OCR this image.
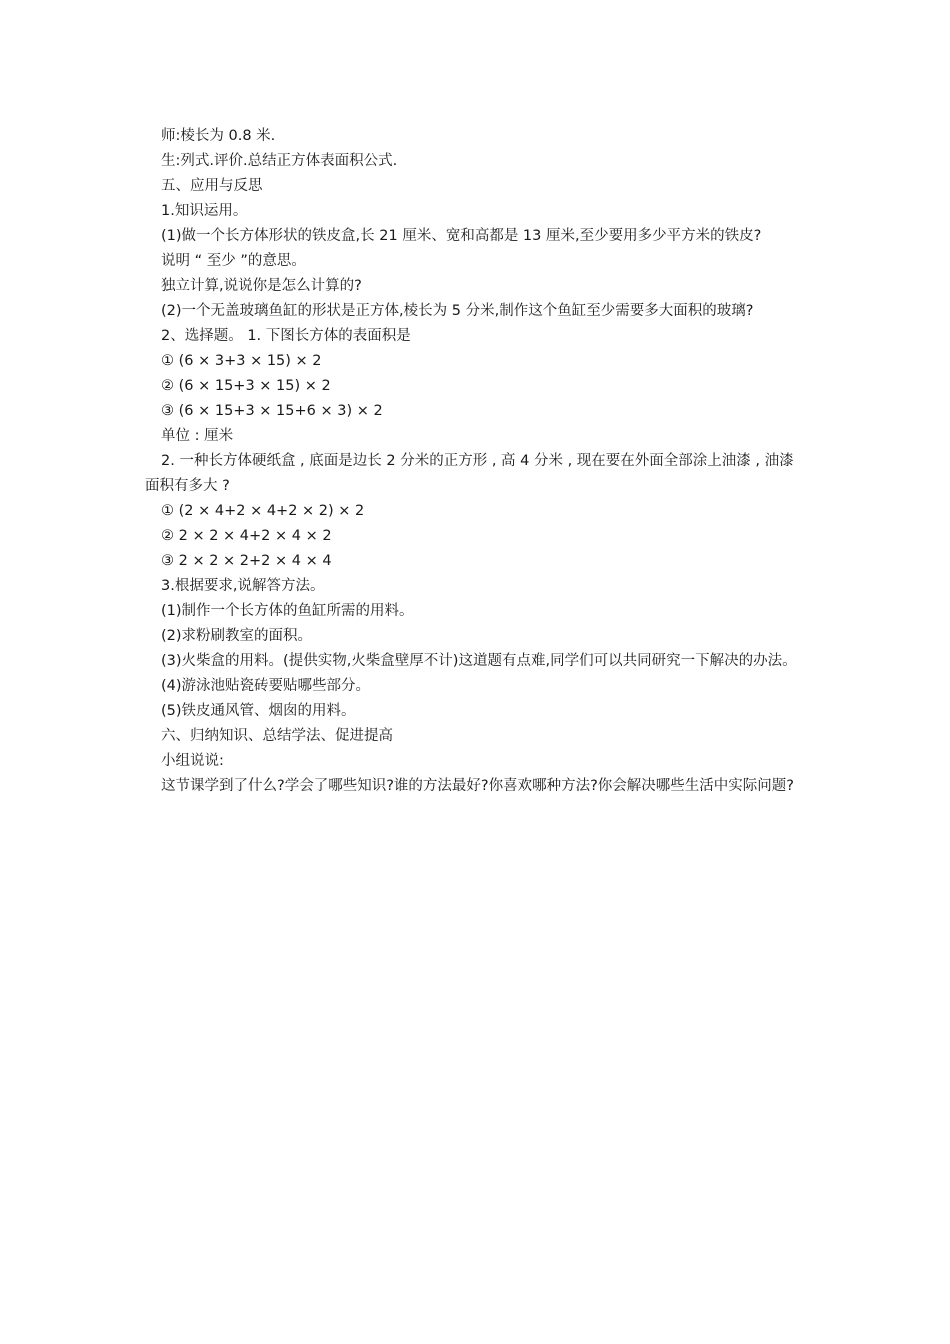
师:棱长为 0.8 米.
生:列式.评价.总结正方体表面积公式.
五、应用与反思
1.知识运用。
(1)做一个长方体形状的铁皮盒,长 21 厘米、宽和高都是 13 厘米,至少要用多少平方米的铁皮?
说明 “ 至少 ”的意思。
独立计算,说说你是怎么计算的?
(2)一个无盖玻璃鱼缸的形状是正方体,棱长为 5 分米,制作这个鱼缸至少需要多大面积的玻璃?
2、选择题。 1. 下图长方体的表面积是
① (6 × 3+3 × 15) × 2
② (6 × 15+3 × 15) × 2
③ (6 × 15+3 × 15+6 × 3) × 2
单位 : 厘米
2. 一种长方体硬纸盒 , 底面是边长 2 分米的正方形 , 高 4 分米 , 现在要在外面全部涂上油漆 , 油漆面积有多大 ?
① (2 × 4+2 × 4+2 × 2) × 2
② 2 × 2 × 4+2 × 4 × 2
③ 2 × 2 × 2+2 × 4 × 4
3.根据要求,说解答方法。
(1)制作一个长方体的鱼缸所需的用料。
(2)求粉刷教室的面积。
(3)火柴盒的用料。(提供实物,火柴盒壁厚不计)这道题有点难,同学们可以共同研究一下解决的办法。
(4)游泳池贴瓷砖要贴哪些部分。
(5)铁皮通风管、烟囱的用料。
六、归纳知识、总结学法、促进提高
小组说说:
这节课学到了什么?学会了哪些知识?谁的方法最好?你喜欢哪种方法?你会解决哪些生活中实际问题?
